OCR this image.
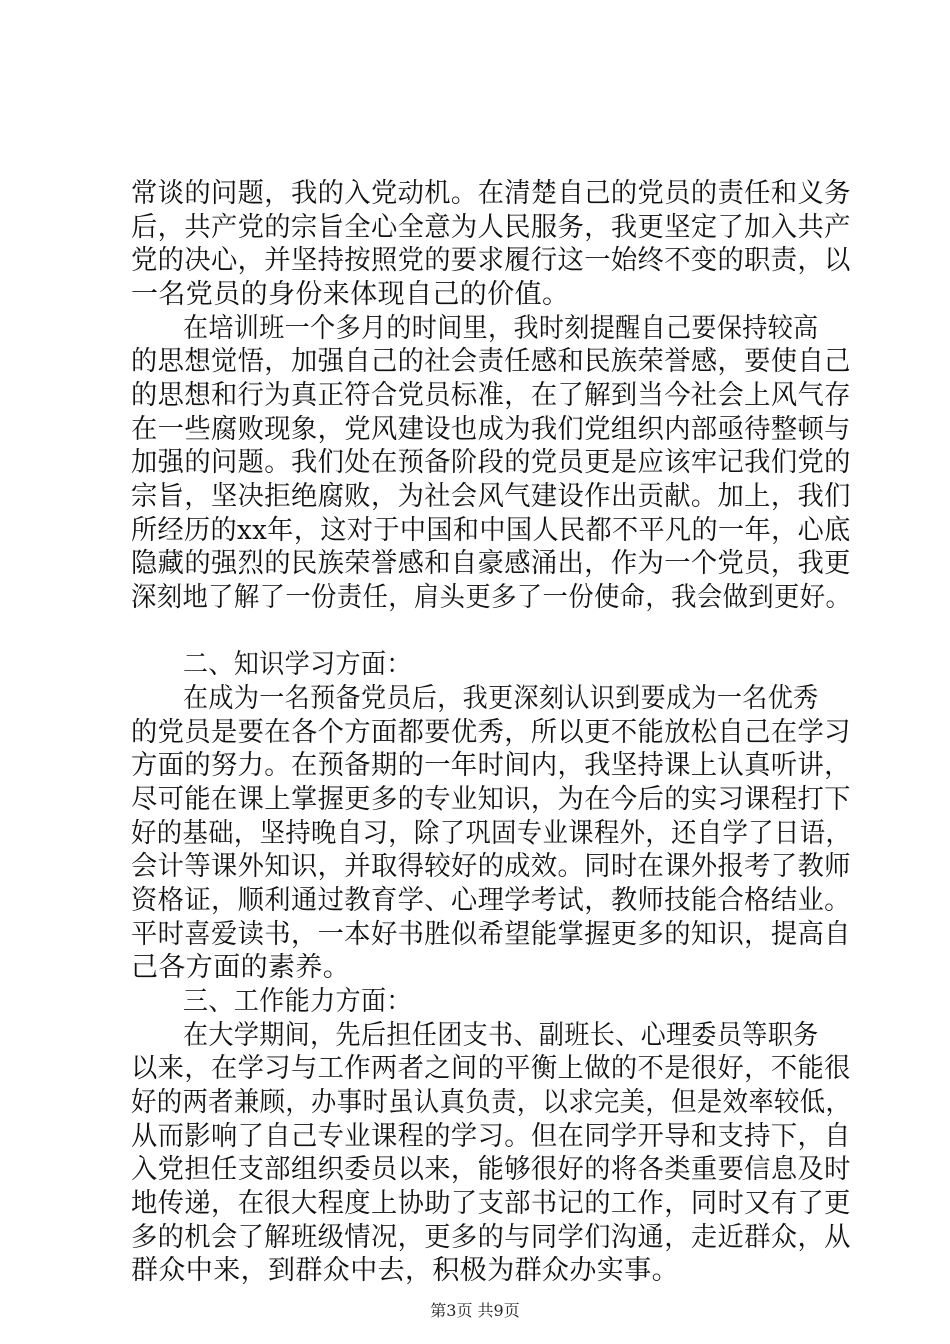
常谈的问题，我的入党动机。在清楚自己的党员的责任和义务
后，共产党的宗旨全心全意为人民服务，我更坚定了加入共产
党的决心，并坚持按照党的要求履行这一始终不变的职责，以
一名党员的身份来体现自己的价值。
在培训班一个多月的时间里，我时刻提醒自己要保持较高
的思想觉悟，加强自己的社会责任感和民族荣誉感，要使自己
的思想和行为真正符合党员标准，在了解到当今社会上风气存
在一些腐败现象，党风建设也成为我们党组织内部亟待整顿与
加强的问题。我们处在预备阶段的党员更是应该牢记我们党的
宗旨，坚决拒绝腐败，为社会风气建设作出贡献。加上，我们
所经历的xx年，这对于中国和中国人民都不平凡的一年，心底
隐藏的强烈的民族荣誉感和自豪感涌出，作为一个党员，我更
深刻地了解了一份责任，肩头更多了一份使命，我会做到更好。
二、知识学习方面：
在成为一名预备党员后，我更深刻认识到要成为一名优秀
的党员是要在各个方面都要优秀，所以更不能放松自己在学习
方面的努力。在预备期的一年时间内，我坚持课上认真听讲，
尽可能在课上掌握更多的专业知识，为在今后的实习课程打下
好的基础，坚持晚自习，除了巩固专业课程外，还自学了日语，
会计等课外知识，并取得较好的成效。同时在课外报考了教师
资格证，顺利通过教育学、心理学考试，教师技能合格结业。
平时喜爱读书，一本好书胜似希望能掌握更多的知识，提高自
己各方面的素养。
三、工作能力方面：
在大学期间，先后担任团支书、副班长、心理委员等职务
以来，在学习与工作两者之间的平衡上做的不是很好，不能很
好的两者兼顾，办事时虽认真负责，以求完美，但是效率较低，
从而影响了自己专业课程的学习。但在同学开导和支持下，自
入党担任支部组织委员以来，能够很好的将各类重要信息及时
地传递，在很大程度上协助了支部书记的工作，同时又有了更
多的机会了解班级情况，更多的与同学们沟通，走近群众，从
群众中来，到群众中去，积极为群众办实事。
第3页 共9页
